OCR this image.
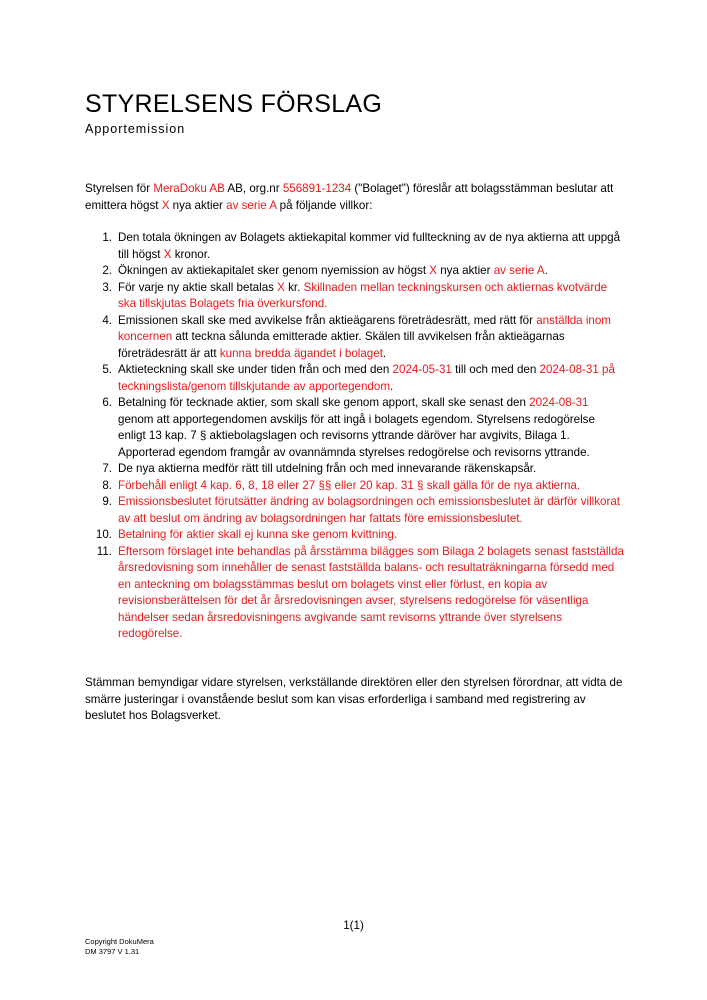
STYRELSENS FÖRSLAG
Apportemission
Styrelsen för MeraDoku AB AB, org.nr 556891-1234 ("Bolaget") föreslår att bolagsstämman beslutar att emittera högst X nya aktier av serie A på följande villkor:
1. Den totala ökningen av Bolagets aktiekapital kommer vid fullteckning av de nya aktierna att uppgå till högst X kronor.
2. Ökningen av aktiekapitalet sker genom nyemission av högst X nya aktier av serie A.
3. För varje ny aktie skall betalas X kr. Skillnaden mellan teckningskursen och aktiernas kvotvärde ska tillskjutas Bolagets fria överkursfond.
4. Emissionen skall ske med avvikelse från aktieägarens företrädesrätt, med rätt för anställda inom koncernen att teckna sålunda emitterade aktier. Skälen till avvikelsen från aktieägarnas företrädesrätt är att kunna bredda ägandet i bolaget.
5. Aktieteckning skall ske under tiden från och med den 2024-05-31 till och med den 2024-08-31 på teckningslista/genom tillskjutande av apportegendom.
6. Betalning för tecknade aktier, som skall ske genom apport, skall ske senast den 2024-08-31 genom att apportegendomen avskiljs för att ingå i bolagets egendom. Styrelsens redogörelse enligt 13 kap. 7 § aktiebolagslagen och revisorns yttrande däröver har avgivits, Bilaga 1. Apporterad egendom framgår av ovannämnda styrelses redogörelse och revisorns yttrande.
7. De nya aktierna medför rätt till utdelning från och med innevarande räkenskapsår.
8. Förbehåll enligt 4 kap. 6, 8, 18 eller 27 §§ eller 20 kap. 31 § skall gälla för de nya aktierna.
9. Emissionsbeslutet förutsätter ändring av bolagsordningen och emissionsbeslutet är därför villkorat av att beslut om ändring av bolagsordningen har fattats före emissionsbeslutet.
10. Betalning för aktier skall ej kunna ske genom kvittning.
11. Eftersom förslaget inte behandlas på årsstämma bilägges som Bilaga 2 bolagets senast fastställda årsredovisning som innehåller de senast fastställda balans- och resultaträkningarna försedd med en anteckning om bolagsstämmas beslut om bolagets vinst eller förlust, en kopia av revisionsberättelsen för det år årsredovisningen avser, styrelsens redogörelse för väsentliga händelser sedan årsredovisningens avgivande samt revisorns yttrande över styrelsens redogörelse.
Stämman bemyndigar vidare styrelsen, verkställande direktören eller den styrelsen förordnar, att vidta de smärre justeringar i ovanstående beslut som kan visas erforderliga i samband med registrering av beslutet hos Bolagsverket.
1(1)
Copyright DokuMera
DM 3797 V 1.31
